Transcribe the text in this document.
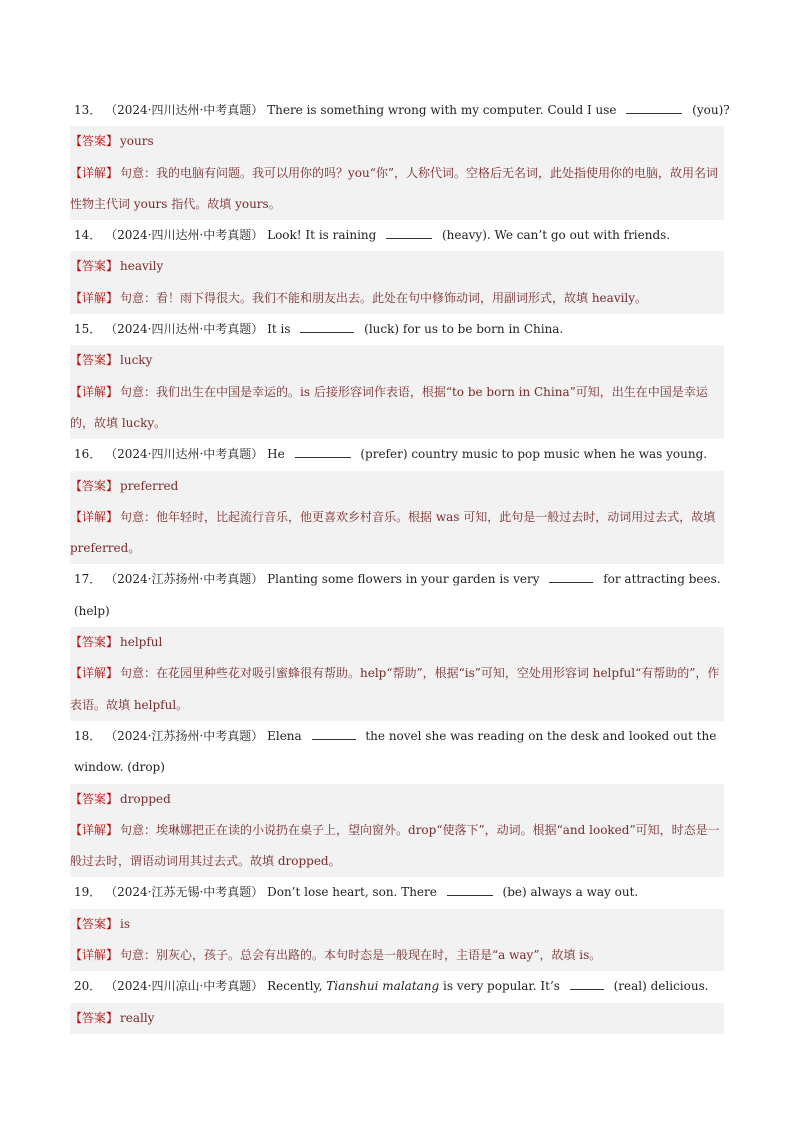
13． （2024·四川达州·中考真题） There is something wrong with my computer. Could I use	(you)?
【答案】 yours
【详解】 句意：我的电脑有问题。我可以用你的吗？you“你”，人称代词。空格后无名词，此处指使用你的电脑，故用名词性物主代词 yours 指代。故填 yours。
14． （2024·四川达州·中考真题） Look! It is raining	(heavy). We can’t go out with friends.
【答案】 heavily
【详解】 句意：看！雨下得很大。我们不能和朋友出去。此处在句中修饰动词，用副词形式，故填 heavily。
15． （2024·四川达州·中考真题） It is	(luck) for us to be born in China.
【答案】 lucky
【详解】 句意：我们出生在中国是幸运的。is 后接形容词作表语，根据“to be born in China”可知，出生在中国是幸运的，故填 lucky。
16． （2024·四川达州·中考真题） He	(prefer) country music to pop music when he was young.
【答案】 preferred
【详解】 句意：他年轻时，比起流行音乐，他更喜欢乡村音乐。根据 was 可知，此句是一般过去时，动词用过去式，故填 preferred。
17． （2024·江苏扬州·中考真题） Planting some flowers in your garden is very	for attracting bees. (help)
【答案】 helpful
【详解】 句意：在花园里种些花对吸引蜜蜂很有帮助。help“帮助”，根据“is”可知，空处用形容词 helpful“有帮助的”，作表语。故填 helpful。
18． （2024·江苏扬州·中考真题） Elena	the novel she was reading on the desk and looked out the window. (drop)
【答案】 dropped
【详解】 句意：埃琳娜把正在读的小说扔在桌子上，望向窗外。drop“使落下”，动词。根据“and looked”可知，时态是一般过去时，谓语动词用其过去式。故填 dropped。
19． （2024·江苏无锡·中考真题） Don’t lose heart, son. There	(be) always a way out.
【答案】 is
【详解】 句意：别灰心，孩子。总会有出路的。本句时态是一般现在时，主语是“a way”，故填 is。
20． （2024·四川凉山·中考真题） Recently, Tianshui malatang is very popular. It’s	(real) delicious.
【答案】 really
